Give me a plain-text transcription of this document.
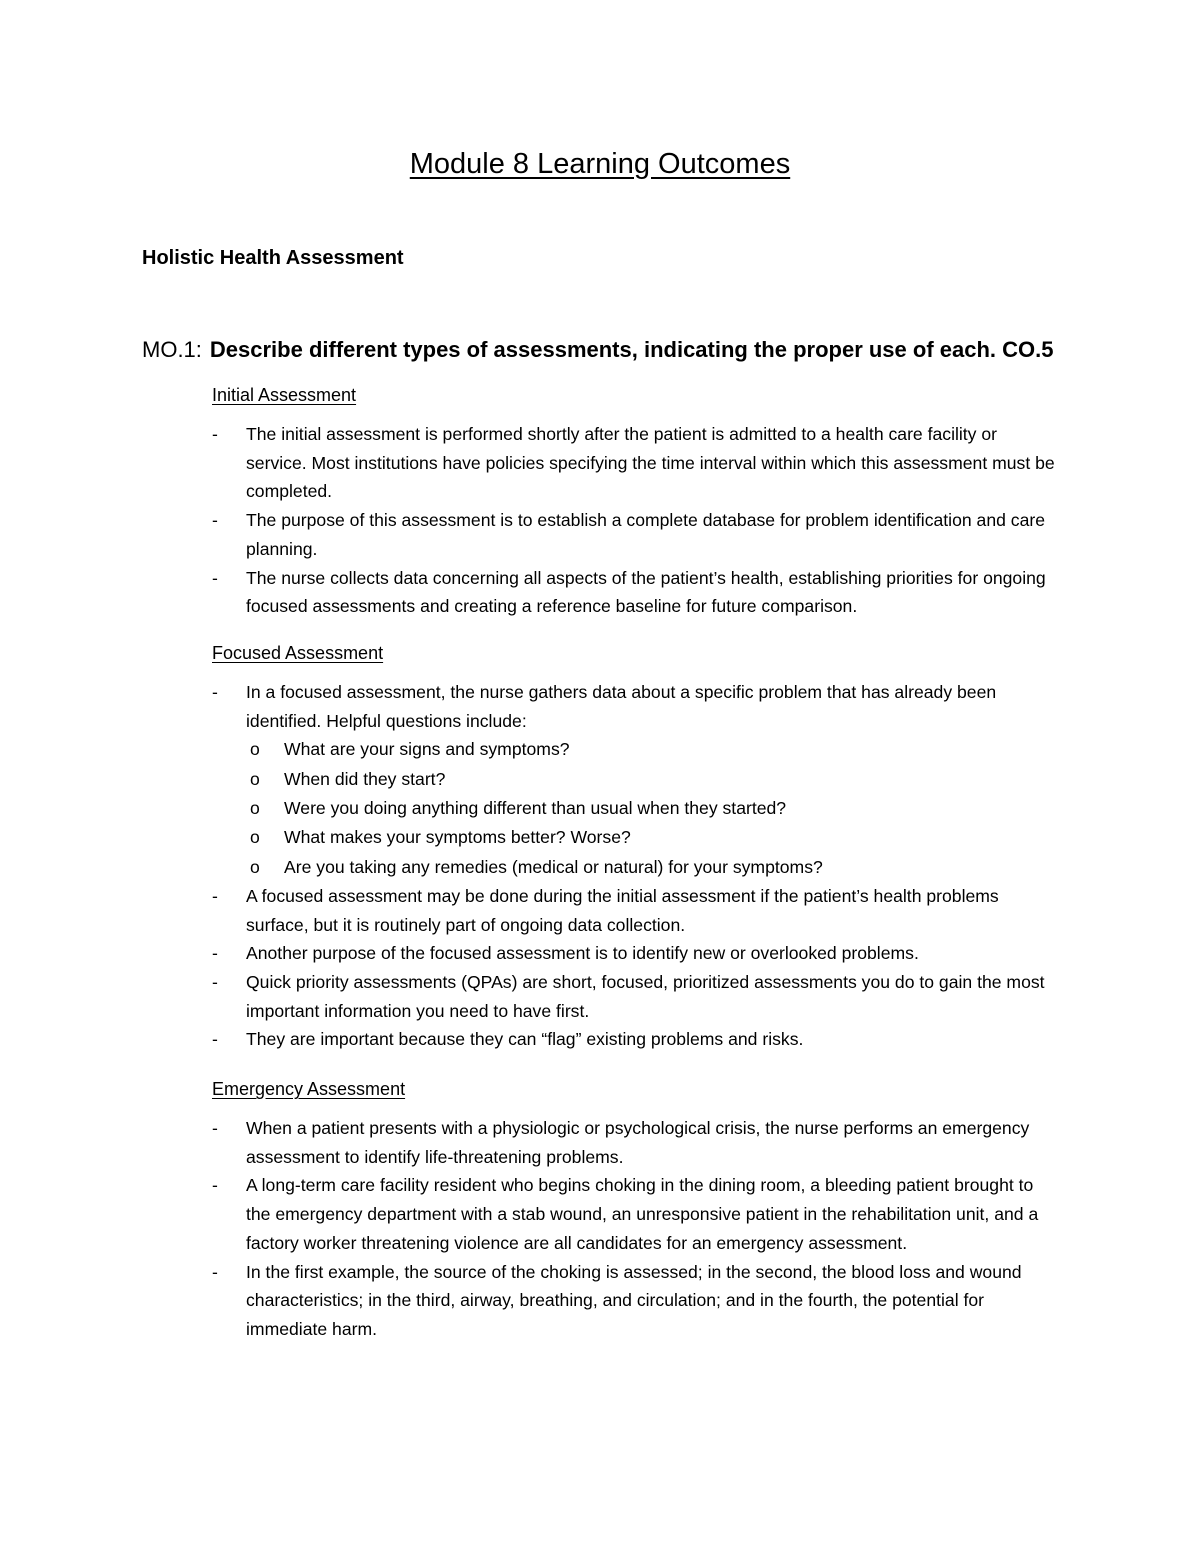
Module 8 Learning Outcomes
Holistic Health Assessment
MO.1: Describe different types of assessments, indicating the proper use of each. CO.5
Initial Assessment
- The initial assessment is performed shortly after the patient is admitted to a health care facility or service. Most institutions have policies specifying the time interval within which this assessment must be completed.
- The purpose of this assessment is to establish a complete database for problem identification and care planning.
- The nurse collects data concerning all aspects of the patient’s health, establishing priorities for ongoing focused assessments and creating a reference baseline for future comparison.
Focused Assessment
- In a focused assessment, the nurse gathers data about a specific problem that has already been identified. Helpful questions include:
o What are your signs and symptoms?
o When did they start?
o Were you doing anything different than usual when they started?
o What makes your symptoms better? Worse?
o Are you taking any remedies (medical or natural) for your symptoms?
- A focused assessment may be done during the initial assessment if the patient’s health problems surface, but it is routinely part of ongoing data collection.
- Another purpose of the focused assessment is to identify new or overlooked problems.
- Quick priority assessments (QPAs) are short, focused, prioritized assessments you do to gain the most important information you need to have first.
- They are important because they can “flag” existing problems and risks.
Emergency Assessment
- When a patient presents with a physiologic or psychological crisis, the nurse performs an emergency assessment to identify life-threatening problems.
- A long-term care facility resident who begins choking in the dining room, a bleeding patient brought to the emergency department with a stab wound, an unresponsive patient in the rehabilitation unit, and a factory worker threatening violence are all candidates for an emergency assessment.
- In the first example, the source of the choking is assessed; in the second, the blood loss and wound characteristics; in the third, airway, breathing, and circulation; and in the fourth, the potential for immediate harm.
